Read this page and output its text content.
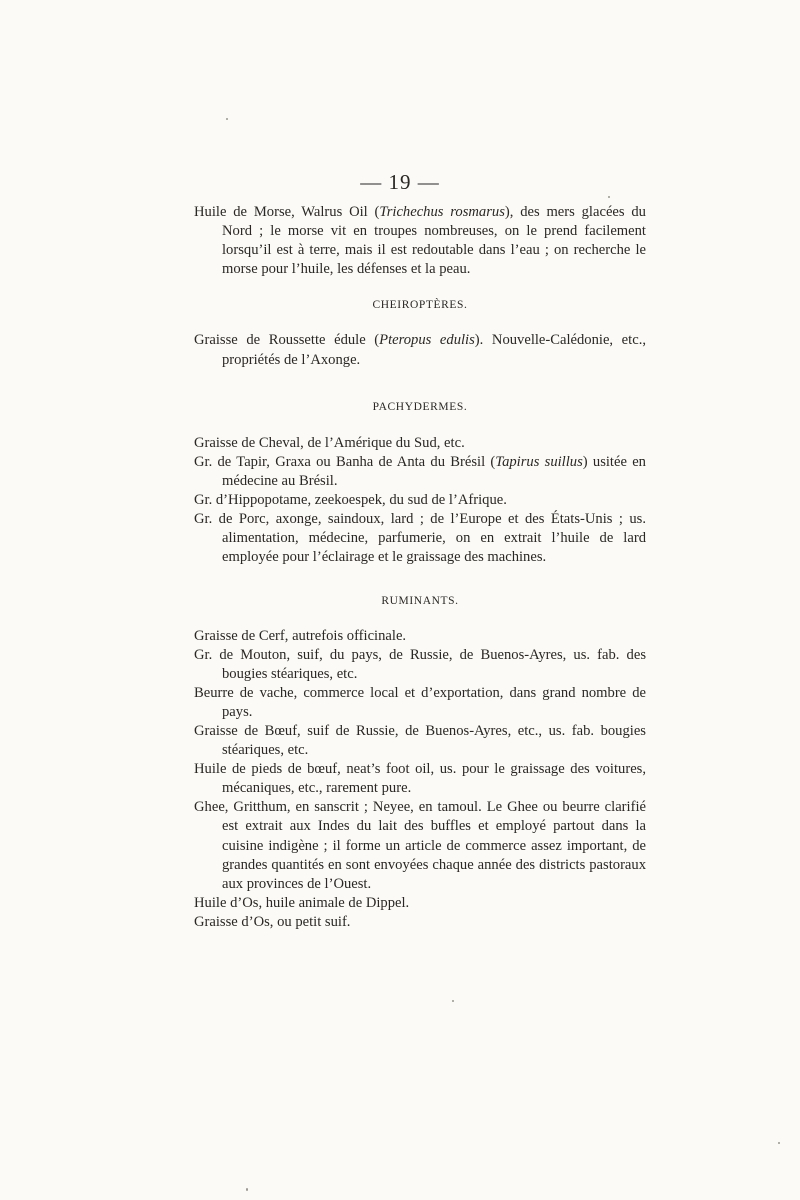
— 19 —

Huile de Morse, Walrus Oil (Trichechus rosmarus), des mers glacées du Nord ; le morse vit en troupes nombreuses, on le prend facilement lorsqu’il est à terre, mais il est redoutable dans l’eau ; on recherche le morse pour l’huile, les défenses et la peau.

CHEIROPTÈRES.

Graisse de Roussette édule (Pteropus edulis). Nouvelle-Calédonie, etc., propriétés de l’Axonge.

PACHYDERMES.

Graisse de Cheval, de l’Amérique du Sud, etc.

Gr. de Tapir, Graxa ou Banha de Anta du Brésil (Tapirus suillus) usitée en médecine au Brésil.

Gr. d’Hippopotame, zeekoespek, du sud de l’Afrique.

Gr. de Porc, axonge, saindoux, lard ; de l’Europe et des États-Unis ; us. alimentation, médecine, parfumerie, on en extrait l’huile de lard employée pour l’éclairage et le graissage des machines.

RUMINANTS.

Graisse de Cerf, autrefois officinale.

Gr. de Mouton, suif, du pays, de Russie, de Buenos-Ayres, us. fab. des bougies stéariques, etc.

Beurre de vache, commerce local et d’exportation, dans grand nombre de pays.

Graisse de Bœuf, suif de Russie, de Buenos-Ayres, etc., us. fab. bougies stéariques, etc.

Huile de pieds de bœuf, neat’s foot oil, us. pour le graissage des voitures, mécaniques, etc., rarement pure.

Ghee, Gritthum, en sanscrit ; Neyee, en tamoul. Le Ghee ou beurre clarifié est extrait aux Indes du lait des buffles et employé partout dans la cuisine indigène ; il forme un article de commerce assez important, de grandes quantités en sont envoyées chaque année des districts pastoraux aux provinces de l’Ouest.

Huile d’Os, huile animale de Dippel.

Graisse d’Os, ou petit suif.
